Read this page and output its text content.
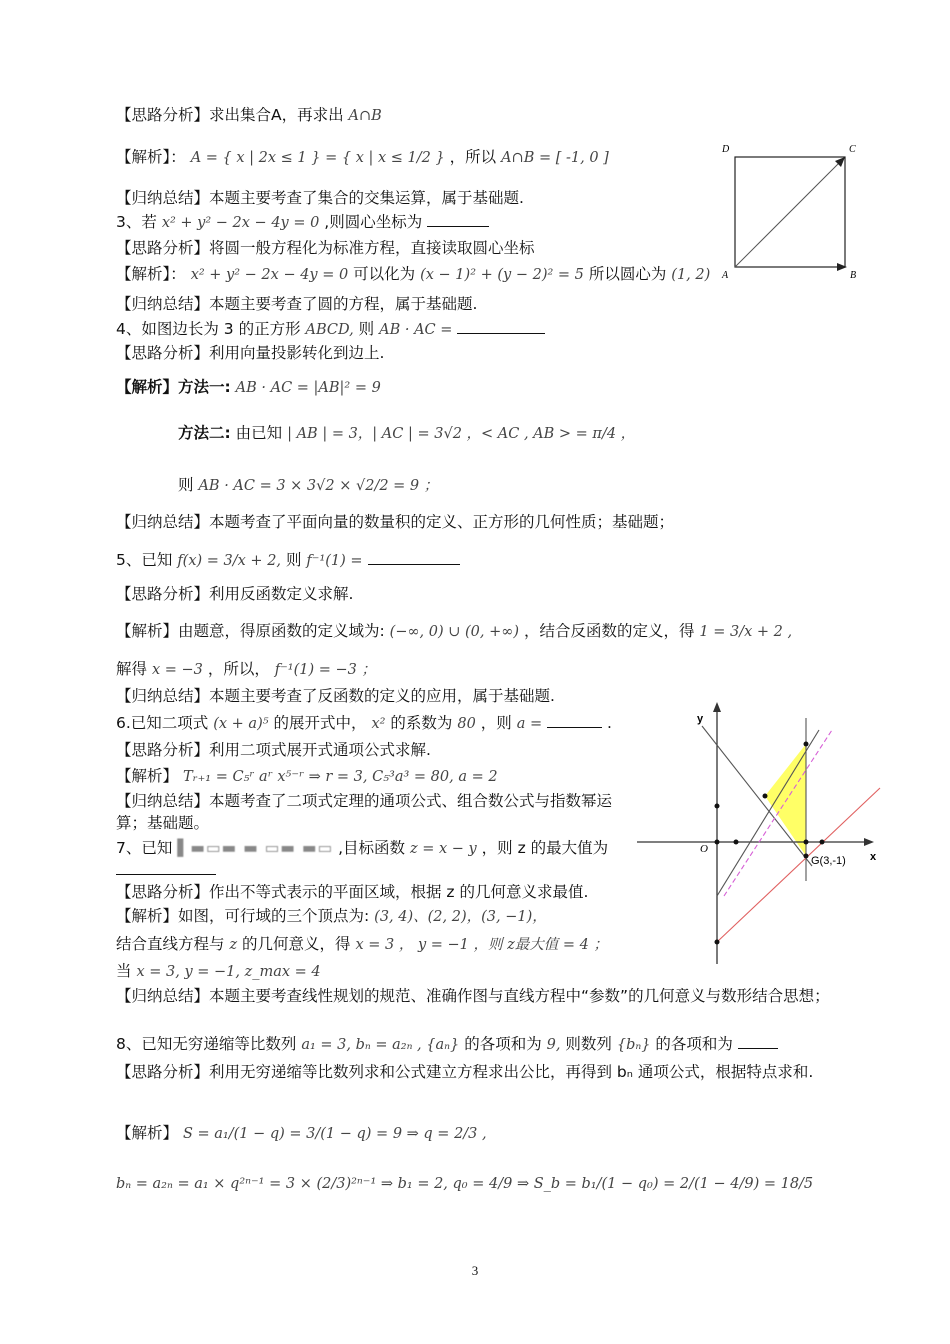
【思路分析】求出集合A，再求出 A∩B
【解析】： A = { x | 2x ≤ 1 } = { x | x ≤ 1/2 } ，所以 A∩B = [ -1, 0 ]
【归纳总结】本题主要考查了集合的交集运算，属于基础题.
3、若 x² + y² − 2x − 4y = 0 ,则圆心坐标为
【思路分析】将圆一般方程化为标准方程，直接读取圆心坐标
【解析】： x² + y² − 2x − 4y = 0 可以化为 (x − 1)² + (y − 2)² = 5 所以圆心为 (1, 2)
【归纳总结】本题主要考查了圆的方程，属于基础题.
4、如图边长为 3 的正方形 ABCD, 则 AB · AC =
【思路分析】利用向量投影转化到边上.
【解析】方法一: AB · AC = |AB|² = 9
方法二: 由已知 | AB | = 3，| AC | = 3√2 ，< AC , AB > = π/4 ，
则 AB · AC = 3 × 3√2 × √2/2 = 9 ；
【归纳总结】本题考查了平面向量的数量积的定义、正方形的几何性质；基础题；
5、已知 f(x) = 3/x + 2, 则 f⁻¹(1) =
【思路分析】利用反函数定义求解.
【解析】由题意，得原函数的定义域为: (−∞, 0) ∪ (0, +∞) ，结合反函数的定义，得 1 = 3/x + 2 ,
解得 x = −3 ，所以， f⁻¹(1) = −3 ；
【归纳总结】本题主要考查了反函数的定义的应用，属于基础题.
6.已知二项式 (x + a)⁵ 的展开式中， x² 的系数为 80 ，则 a =	.
【思路分析】利用二项式展开式通项公式求解.
【解析】 Tᵣ₊₁ = C₅ʳ aʳ x⁵⁻ʳ ⇒ r = 3, C₅³a³ = 80, a = 2
【归纳总结】本题考查了二项式定理的通项公式、组合数公式与指数幂运算；基础题。
7、已知 ▌▬▭▬ ▬ ▭▬ ▬▭ ,目标函数 z = x − y ，则 z 的最大值为
【思路分析】作出不等式表示的平面区域，根据 z 的几何意义求最值.
【解析】如图，可行域的三个顶点为: (3, 4)、(2, 2)，(3, −1)，
结合直线方程与 z 的几何意义，得 x = 3 ， y = −1 ，则 z最大值 = 4 ；
当 x = 3, y = −1, z_max = 4
【归纳总结】本题主要考查线性规划的规范、准确作图与直线方程中“参数”的几何意义与数形结合思想；
8、已知无穷递缩等比数列 a₁ = 3, bₙ = a₂ₙ , {aₙ} 的各项和为 9, 则数列 {bₙ} 的各项和为
【思路分析】利用无穷递缩等比数列求和公式建立方程求出公比，再得到 bₙ 通项公式，根据特点求和.
【解析】 S = a₁/(1 − q) = 3/(1 − q) = 9 ⇒ q = 2/3 ,
bₙ = a₂ₙ = a₁ × q²ⁿ⁻¹ = 3 × (2/3)²ⁿ⁻¹ ⇒ b₁ = 2, q₀ = 4/9 ⇒ S_b = b₁/(1 − q₀) = 2/(1 − 4/9) = 18/5
D	C
A	B
y
x
O
G(3,-1)
3
